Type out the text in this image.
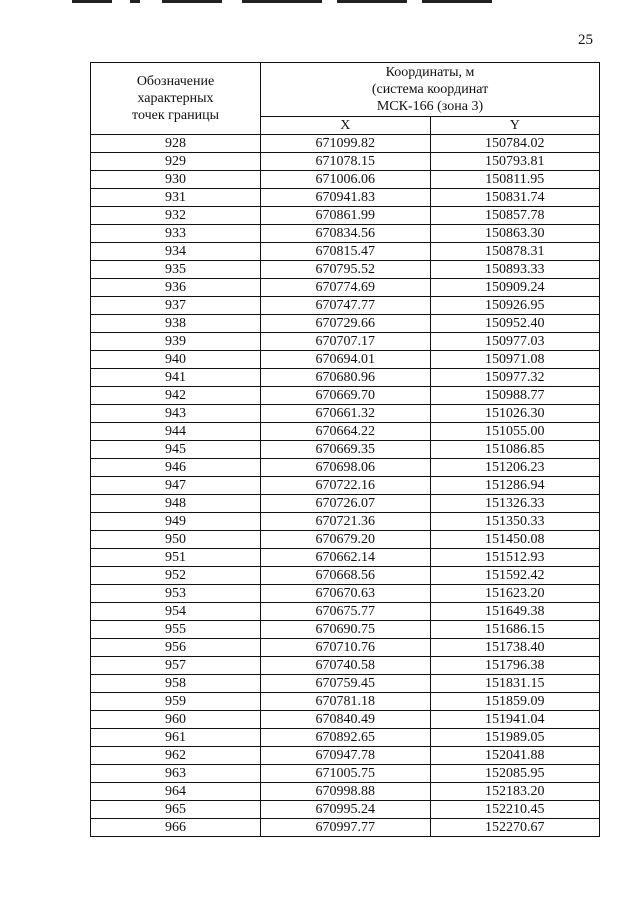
25
Обозначение
характерных
точек границы	Координаты, м
(система координат
МСК-166 (зона 3)	

	X	Y
928	671099.82	150784.02
929	671078.15	150793.81
930	671006.06	150811.95
931	670941.83	150831.74
932	670861.99	150857.78
933	670834.56	150863.30
934	670815.47	150878.31
935	670795.52	150893.33
936	670774.69	150909.24
937	670747.77	150926.95
938	670729.66	150952.40
939	670707.17	150977.03
940	670694.01	150971.08
941	670680.96	150977.32
942	670669.70	150988.77
943	670661.32	151026.30
944	670664.22	151055.00
945	670669.35	151086.85
946	670698.06	151206.23
947	670722.16	151286.94
948	670726.07	151326.33
949	670721.36	151350.33
950	670679.20	151450.08
951	670662.14	151512.93
952	670668.56	151592.42
953	670670.63	151623.20
954	670675.77	151649.38
955	670690.75	151686.15
956	670710.76	151738.40
957	670740.58	151796.38
958	670759.45	151831.15
959	670781.18	151859.09
960	670840.49	151941.04
961	670892.65	151989.05
962	670947.78	152041.88
963	671005.75	152085.95
964	670998.88	152183.20
965	670995.24	152210.45
966	670997.77	152270.67
